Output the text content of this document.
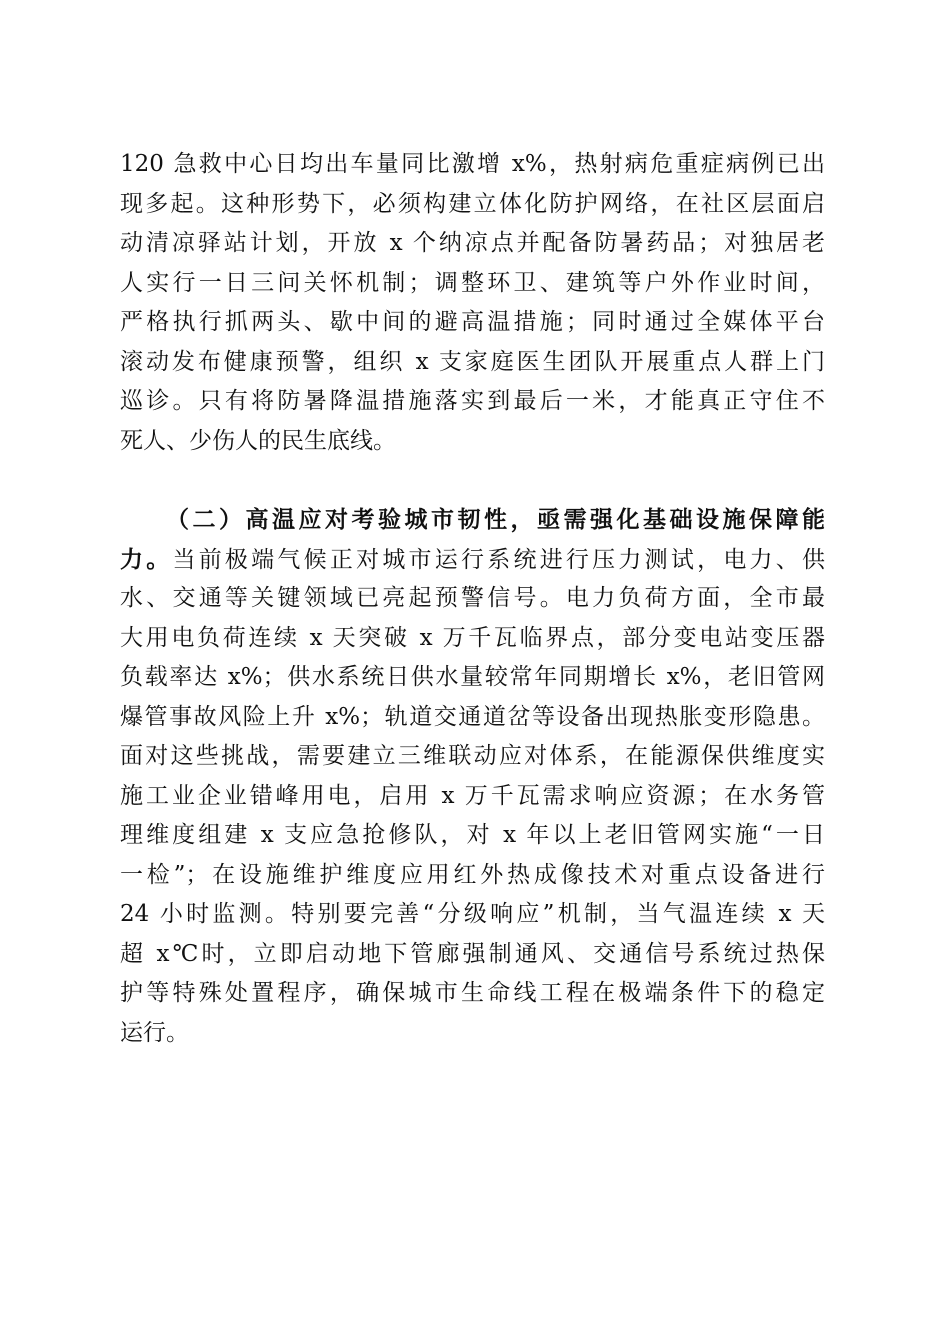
120 急救中心日均出车量同比激增 x%，热射病危重症病例已出
现多起。这种形势下，必须构建立体化防护网络，在社区层面启
动清凉驿站计划，开放 x 个纳凉点并配备防暑药品；对独居老
人实行一日三问关怀机制；调整环卫、建筑等户外作业时间，
严格执行抓两头、歇中间的避高温措施；同时通过全媒体平台
滚动发布健康预警，组织 x 支家庭医生团队开展重点人群上门
巡诊。只有将防暑降温措施落实到最后一米，才能真正守住不
死人、少伤人的民生底线。
（二）高温应对考验城市韧性，亟需强化基础设施保障能
力。当前极端气候正对城市运行系统进行压力测试，电力、供
水、交通等关键领域已亮起预警信号。电力负荷方面，全市最
大用电负荷连续 x 天突破 x 万千瓦临界点，部分变电站变压器
负载率达 x%；供水系统日供水量较常年同期增长 x%，老旧管网
爆管事故风险上升 x%；轨道交通道岔等设备出现热胀变形隐患。
面对这些挑战，需要建立三维联动应对体系，在能源保供维度实
施工业企业错峰用电，启用 x 万千瓦需求响应资源；在水务管
理维度组建 x 支应急抢修队，对 x 年以上老旧管网实施“一日
一检”；在设施维护维度应用红外热成像技术对重点设备进行
24 小时监测。特别要完善“分级响应”机制，当气温连续 x 天
超 x℃时，立即启动地下管廊强制通风、交通信号系统过热保
护等特殊处置程序，确保城市生命线工程在极端条件下的稳定
运行。
